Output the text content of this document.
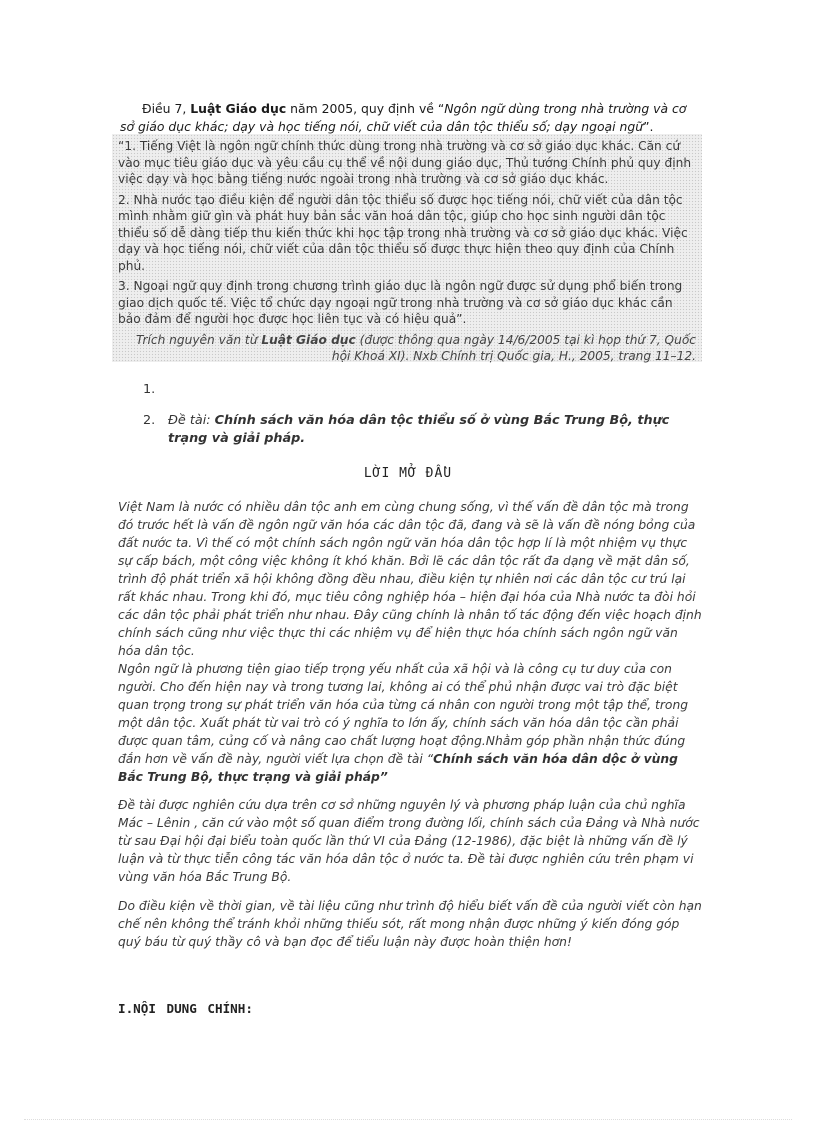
Điều 7, Luật Giáo dục năm 2005, quy định về “Ngôn ngữ dùng trong nhà trường và cơ sở giáo dục khác; dạy và học tiếng nói, chữ viết của dân tộc thiểu số; dạy ngoại ngữ”.

“1. Tiếng Việt là ngôn ngữ chính thức dùng trong nhà trường và cơ sở giáo dục khác. Căn cứ vào mục tiêu giáo dục và yêu cầu cụ thể về nội dung giáo dục, Thủ tướng Chính phủ quy định việc dạy và học bằng tiếng nước ngoài trong nhà trường và cơ sở giáo dục khác.

2. Nhà nước tạo điều kiện để người dân tộc thiểu số được học tiếng nói, chữ viết của dân tộc mình nhằm giữ gìn và phát huy bản sắc văn hoá dân tộc, giúp cho học sinh người dân tộc thiểu số dễ dàng tiếp thu kiến thức khi học tập trong nhà trường và cơ sở giáo dục khác. Việc dạy và học tiếng nói, chữ viết của dân tộc thiểu số được thực hiện theo quy định của Chính phủ.

3. Ngoại ngữ quy định trong chương trình giáo dục là ngôn ngữ được sử dụng phổ biến trong giao dịch quốc tế. Việc tổ chức dạy ngoại ngữ trong nhà trường và cơ sở giáo dục khác cần bảo đảm để người học được học liên tục và có hiệu quả”.

Trích nguyên văn từ Luật Giáo dục (được thông qua ngày 14/6/2005 tại kì họp thứ 7, Quốc hội Khoá XI). Nxb Chính trị Quốc gia, H., 2005, trang 11–12.

1.
2. Đề tài: Chính sách văn hóa dân tộc thiểu số ở vùng Bắc Trung Bộ, thực trạng và giải pháp.

LỜI MỞ ĐẦU

Việt Nam là nước có nhiều dân tộc anh em cùng chung sống, vì thế vấn đề dân tộc mà trong đó trước hết là vấn đề ngôn ngữ văn hóa các dân tộc đã, đang và sẽ là vấn đề nóng bỏng của đất nước ta. Vì thế có một chính sách ngôn ngữ văn hóa dân tộc hợp lí là một nhiệm vụ thực sự cấp bách, một công việc không ít khó khăn. Bởi lẽ các dân tộc rất đa dạng về mặt dân số, trình độ phát triển xã hội không đồng đều nhau, điều kiện tự nhiên nơi các dân tộc cư trú lại rất khác nhau. Trong khi đó, mục tiêu công nghiệp hóa – hiện đại hóa của Nhà nước ta đòi hỏi các dân tộc phải phát triển như nhau. Đây cũng chính là nhân tố tác động đến việc hoạch định chính sách cũng như việc thực thi các nhiệm vụ để hiện thực hóa chính sách ngôn ngữ văn hóa dân tộc.

Ngôn ngữ là phương tiện giao tiếp trọng yếu nhất của xã hội và là công cụ tư duy của con người. Cho đến hiện nay và trong tương lai, không ai có thể phủ nhận được vai trò đặc biệt quan trọng trong sự phát triển văn hóa của từng cá nhân con người trong một tập thể, trong một dân tộc. Xuất phát từ vai trò có ý nghĩa to lớn ấy, chính sách văn hóa dân tộc cần phải được quan tâm, củng cố và nâng cao chất lượng hoạt động.Nhằm góp phần nhận thức đúng đắn hơn về vấn đề này, người viết lựa chọn đề tài “Chính sách văn hóa dân dộc ở vùng Bắc Trung Bộ, thực trạng và giải pháp”

Đề tài được nghiên cứu dựa trên cơ sở những nguyên lý và phương pháp luận của chủ nghĩa Mác – Lênin , căn cứ vào một số quan điểm trong đường lối, chính sách của Đảng và Nhà nước từ sau Đại hội đại biểu toàn quốc lần thứ VI của Đảng (12-1986), đặc biệt là những vấn đề lý luận và từ thực tiễn công tác văn hóa dân tộc ở nước ta. Đề tài được nghiên cứu trên phạm vi vùng văn hóa Bắc Trung Bộ.

Do điều kiện về thời gian, về tài liệu cũng như trình độ hiểu biết vấn đề của người viết còn hạn chế nên không thể tránh khỏi những thiếu sót, rất mong nhận được những ý kiến đóng góp quý báu từ quý thầy cô và bạn đọc để tiểu luận này được hoàn thiện hơn!

I.NỘI DUNG CHÍNH:
